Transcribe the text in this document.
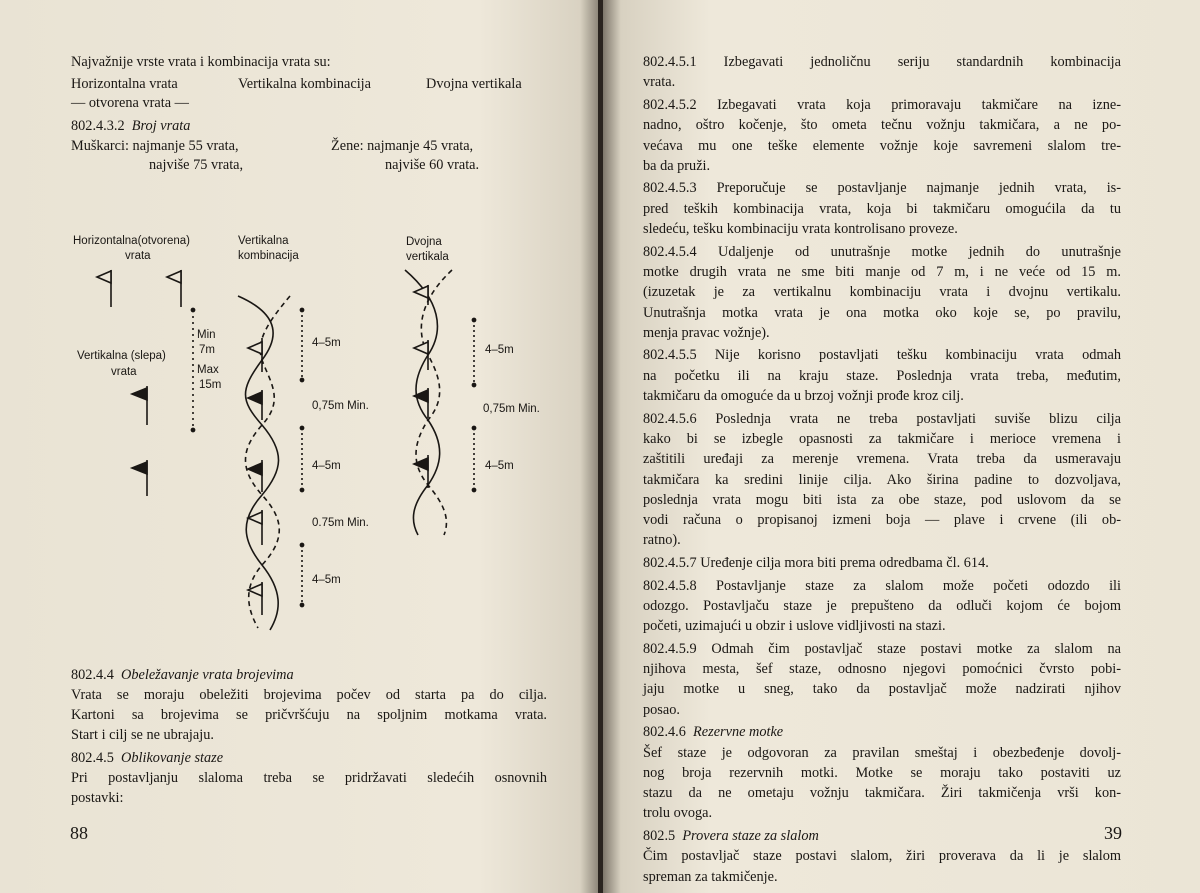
Najvažnije vrste vrata i kombinacija vrata su:
Horizontalna vrata	Vertikalna kombinacija	Dvojna vertikala
— otvorena vrata —
802.4.3.2 Broj vrata
Muškarci: najmanje 55 vrata,
najviše 75 vrata,
Žene: najmanje 45 vrata,
najviše 60 vrata.
Horizontalna(otvorena)
vrata
Vertikalna
kombinacija
Dvojna
vertikala
Vertikalna (slepa)
vrata
Min
7m
Max
15m
4–5m
0,75m Min.
4–5m
0.75m Min.
4–5m
4–5m
0,75m Min.
4–5m
802.4.4 Obeležavanje vrata brojevima
Vrata se moraju obeležiti brojevima počev od starta pa do cilja.
Kartoni sa brojevima se pričvršćuju na spoljnim motkama vrata.
Start i cilj se ne ubrajaju.
802.4.5 Oblikovanje staze
Pri postavljanju slaloma treba se pridržavati sledećih osnovnih
postavki:
88
802.4.5.1 Izbegavati jednoličnu seriju standardnih kombinacija
vrata.
802.4.5.2 Izbegavati vrata koja primoravaju takmičare na izne-
nadno, oštro kočenje, što ometa tečnu vožnju takmičara, a ne po-
većava mu one teške elemente vožnje koje savremeni slalom tre-
ba da pruži.
802.4.5.3 Preporučuje se postavljanje najmanje jednih vrata, is-
pred teških kombinacija vrata, koja bi takmičaru omogućila da tu
sledeću, tešku kombinaciju vrata kontrolisano proveze.
802.4.5.4 Udaljenje od unutrašnje motke jednih do unutrašnje
motke drugih vrata ne sme biti manje od 7 m, i ne veće od 15 m.
(izuzetak je za vertikalnu kombinaciju vrata i dvojnu vertikalu.
Unutrašnja motka vrata je ona motka oko koje se, po pravilu,
menja pravac vožnje).
802.4.5.5 Nije korisno postavljati tešku kombinaciju vrata odmah
na početku ili na kraju staze. Poslednja vrata treba, međutim,
takmičaru da omoguće da u brzoj vožnji prođe kroz cilj.
802.4.5.6 Poslednja vrata ne treba postavljati suviše blizu cilja
kako bi se izbegle opasnosti za takmičare i merioce vremena i
zaštitili uređaji za merenje vremena. Vrata treba da usmeravaju
takmičara ka sredini linije cilja. Ako širina padine to dozvoljava,
poslednja vrata mogu biti ista za obe staze, pod uslovom da se
vodi računa o propisanoj izmeni boja — plave i crvene (ili ob-
ratno).
802.4.5.7 Uređenje cilja mora biti prema odredbama čl. 614.
802.4.5.8 Postavljanje staze za slalom može početi odozdo ili
odozgo. Postavljaču staze je prepušteno da odluči kojom će bojom
početi, uzimajući u obzir i uslove vidljivosti na stazi.
802.4.5.9 Odmah čim postavljač staze postavi motke za slalom na
njihova mesta, šef staze, odnosno njegovi pomoćnici čvrsto pobi-
jaju motke u sneg, tako da postavljač može nadzirati njihov
posao.
802.4.6 Rezervne motke
Šef staze je odgovoran za pravilan smeštaj i obezbeđenje dovolj-
nog broja rezervnih motki. Motke se moraju tako postaviti uz
stazu da ne ometaju vožnju takmičara. Žiri takmičenja vrši kon-
trolu ovoga.
802.5 Provera staze za slalom
Čim postavljač staze postavi slalom, žiri proverava da li je slalom
spreman za takmičenje.
39
